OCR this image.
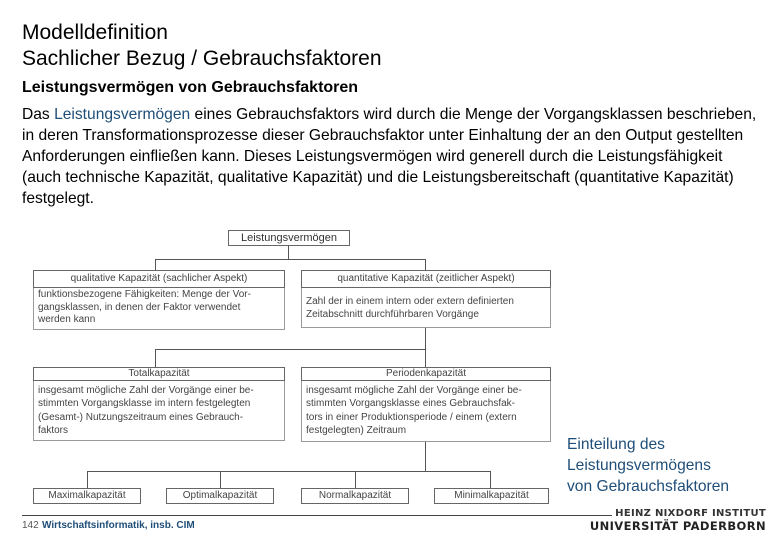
Modelldefinition
Sachlicher Bezug / Gebrauchsfaktoren
Leistungsvermögen von Gebrauchsfaktoren
Das Leistungsvermögen eines Gebrauchsfaktors wird durch die Menge der Vorgangsklassen beschrieben, in deren Transformationsprozesse dieser Gebrauchsfaktor unter Einhaltung der an den Output gestellten Anforderungen einfließen kann. Dieses Leistungsvermögen wird generell durch die Leistungsfähigkeit (auch technische Kapazität, qualitative Kapazität) und die Leistungsbereitschaft (quantitative Kapazität) festgelegt.
Leistungsvermögen
qualitative Kapazität (sachlicher Aspekt)
funktionsbezogene Fähigkeiten: Menge der Vor-
gangsklassen, in denen der Faktor verwendet
werden kann
quantitative Kapazität (zeitlicher Aspekt)
Zahl der in einem intern oder extern definierten
Zeitabschnitt durchführbaren Vorgänge
Totalkapazität
insgesamt mögliche Zahl der Vorgänge einer be-
stimmten Vorgangsklasse im intern festgelegten
(Gesamt-) Nutzungszeitraum eines Gebrauch-
faktors
Periodenkapazität
insgesamt mögliche Zahl der Vorgänge einer be-
stimmten Vorgangsklasse eines Gebrauchsfak-
tors in einer Produktionsperiode / einem (extern
festgelegten) Zeitraum
Maximalkapazität	Optimalkapazität	Normalkapazität	Minimalkapazität
Einteilung des
Leistungsvermögens
von Gebrauchsfaktoren
142 Wirtschaftsinformatik, insb. CIM
HEINZ NIXDORF INSTITUT
UNIVERSITÄT PADERBORN
